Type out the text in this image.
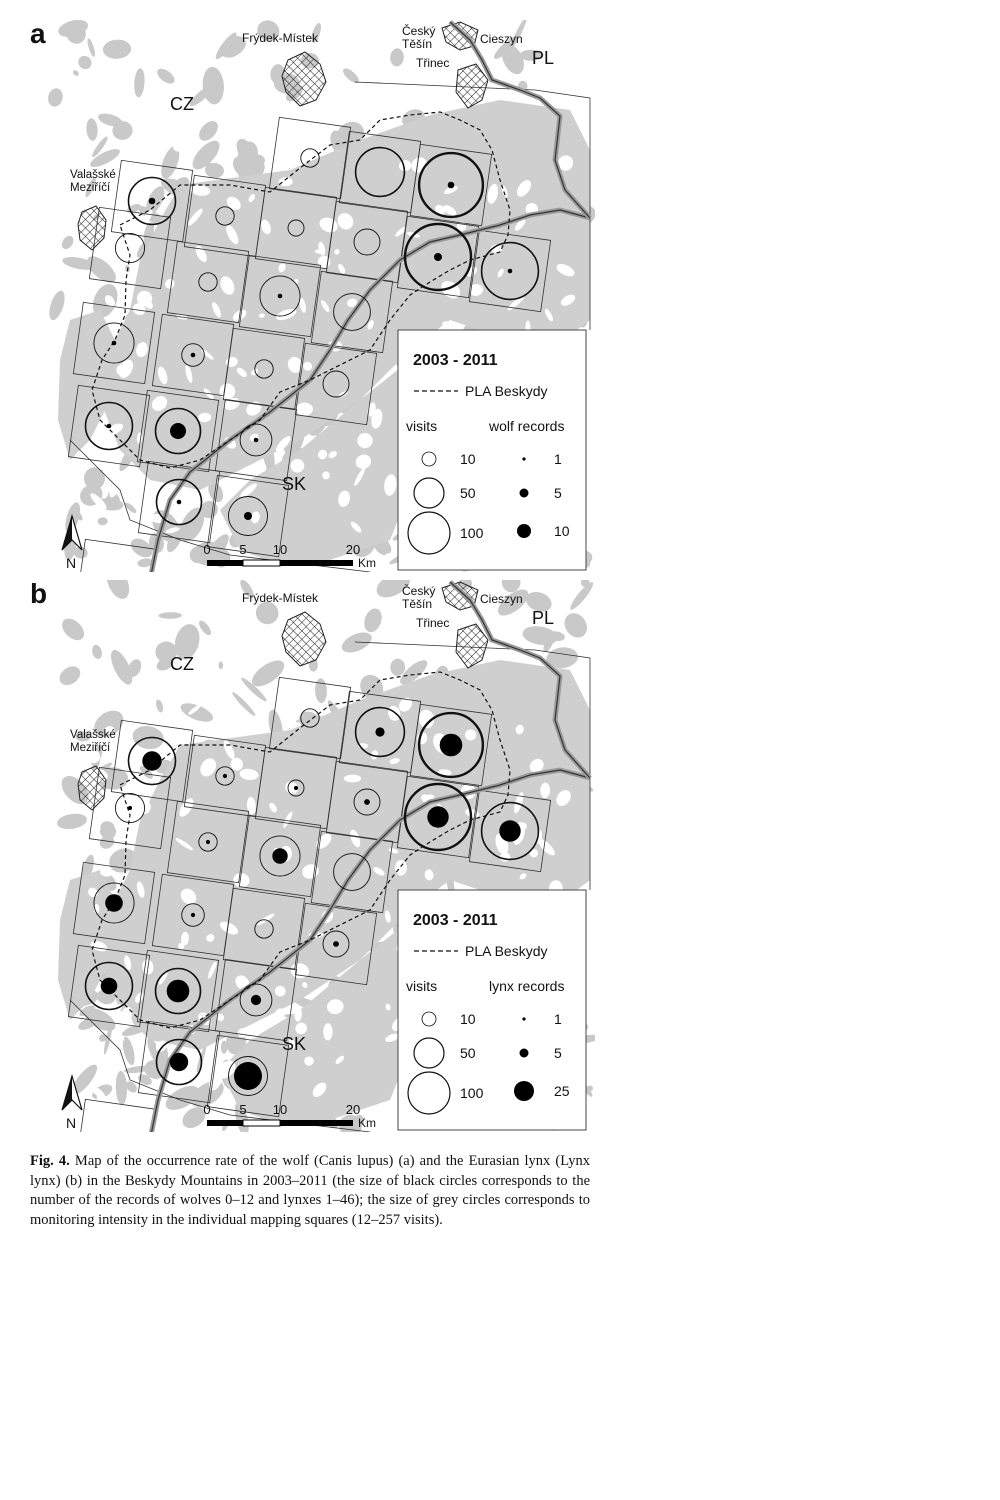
Frýdek-Místek	Český
Těšín	Cieszyn
Třinec	PL
CZ
Valašské
Meziříčí
SK
N
2003 - 2011
PLA Beskydy
visits	wolf records
10
50
100
1
5
10
0 5 10	20
Km
a
Frýdek-Místek	Český
Těšín	Cieszyn
Třinec	PL
CZ
Valašské
Meziříčí
SK
N
2003 - 2011
PLA Beskydy
visits	lynx records
10
50
100
1
5
25
0 5 10	20
Km
b
Fig. 4. Map of the occurrence rate of the wolf (Canis lupus) (a) and the Eurasian lynx (Lynx lynx) (b) in the Beskydy Mountains in 2003–2011 (the size of black circles corresponds to the number of the records of wolves 0–12 and lynxes 1–46); the size of grey circles corresponds to monitoring intensity in the individual mapping squares (12–257 visits).
